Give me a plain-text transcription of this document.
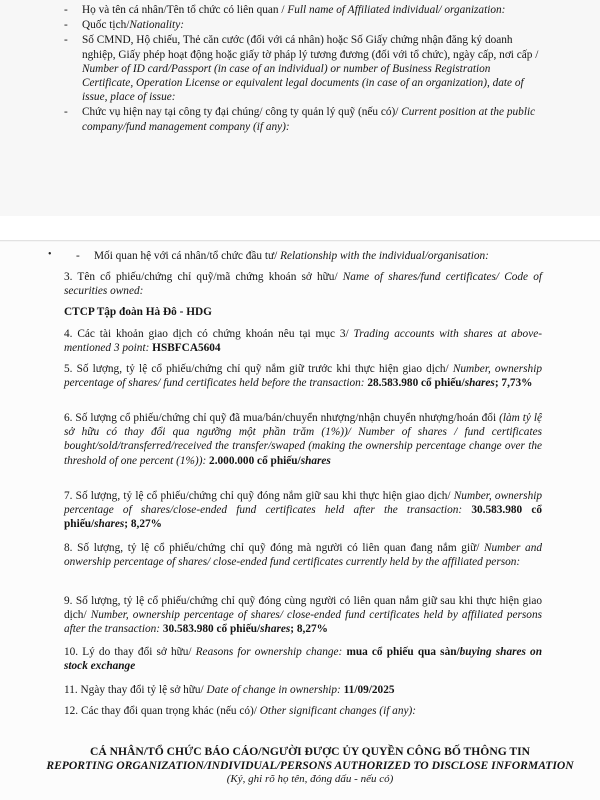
- Họ và tên cá nhân/Tên tổ chức có liên quan / Full name of Affiliated individual/ organization:
- Quốc tịch/Nationality:
- Số CMND, Hộ chiếu, Thẻ căn cước (đối với cá nhân) hoặc Số Giấy chứng nhận đăng ký doanh nghiệp, Giấy phép hoạt động hoặc giấy tờ pháp lý tương đương (đối với tổ chức), ngày cấp, nơi cấp / Number of ID card/Passport (in case of an individual) or number of Business Registration Certificate, Operation License or equivalent legal documents (in case of an organization), date of issue, place of issue:
- Chức vụ hiện nay tại công ty đại chúng/ công ty quản lý quỹ (nếu có)/ Current position at the public company/fund management company (if any):
• - Mối quan hệ với cá nhân/tổ chức đầu tư/ Relationship with the individual/organisation:

3. Tên cổ phiếu/chứng chỉ quỹ/mã chứng khoán sở hữu/ Name of shares/fund certificates/ Code of securities owned:

CTCP Tập đoàn Hà Đô - HDG

4. Các tài khoản giao dịch có chứng khoán nêu tại mục 3/ Trading accounts with shares at above-mentioned 3 point: HSBFCA5604

5. Số lượng, tỷ lệ cổ phiếu/chứng chỉ quỹ nắm giữ trước khi thực hiện giao dịch/ Number, ownership percentage of shares/ fund certificates held before the transaction: 28.583.980 cổ phiếu/shares; 7,73%

6. Số lượng cổ phiếu/chứng chỉ quỹ đã mua/bán/chuyển nhượng/nhận chuyển nhượng/hoán đổi (làm tỷ lệ sở hữu có thay đổi qua ngưỡng một phần trăm (1%))/ Number of shares / fund certificates bought/sold/transferred/received the transfer/swaped (making the ownership percentage change over the threshold of one percent (1%)): 2.000.000 cổ phiếu/shares

7. Số lượng, tỷ lệ cổ phiếu/chứng chỉ quỹ đóng nắm giữ sau khi thực hiện giao dịch/ Number, ownership percentage of shares/close-ended fund certificates held after the transaction: 30.583.980 cổ phiếu/shares; 8,27%

8. Số lượng, tỷ lệ cổ phiếu/chứng chỉ quỹ đóng mà người có liên quan đang nắm giữ/ Number and onwership percentage of shares/ close-ended fund certificates currently held by the affiliated person:

9. Số lượng, tỷ lệ cổ phiếu/chứng chỉ quỹ đóng cùng người có liên quan nắm giữ sau khi thực hiện giao dịch/ Number, ownership percentage of shares/ close-ended fund certificates held by affiliated persons after the transaction: 30.583.980 cổ phiếu/shares; 8,27%

10. Lý do thay đổi sở hữu/ Reasons for ownership change: mua cổ phiếu qua sàn/buying shares on stock exchange

11. Ngày thay đổi tỷ lệ sở hữu/ Date of change in ownership: 11/09/2025

12. Các thay đổi quan trọng khác (nếu có)/ Other significant changes (if any):

CÁ NHÂN/TỔ CHỨC BÁO CÁO/NGƯỜI ĐƯỢC ỦY QUYỀN CÔNG BỐ THÔNG TIN
REPORTING ORGANIZATION/INDIVIDUAL/PERSONS AUTHORIZED TO DISCLOSE INFORMATION
(Ký, ghi rõ họ tên, đóng dấu - nếu có)
